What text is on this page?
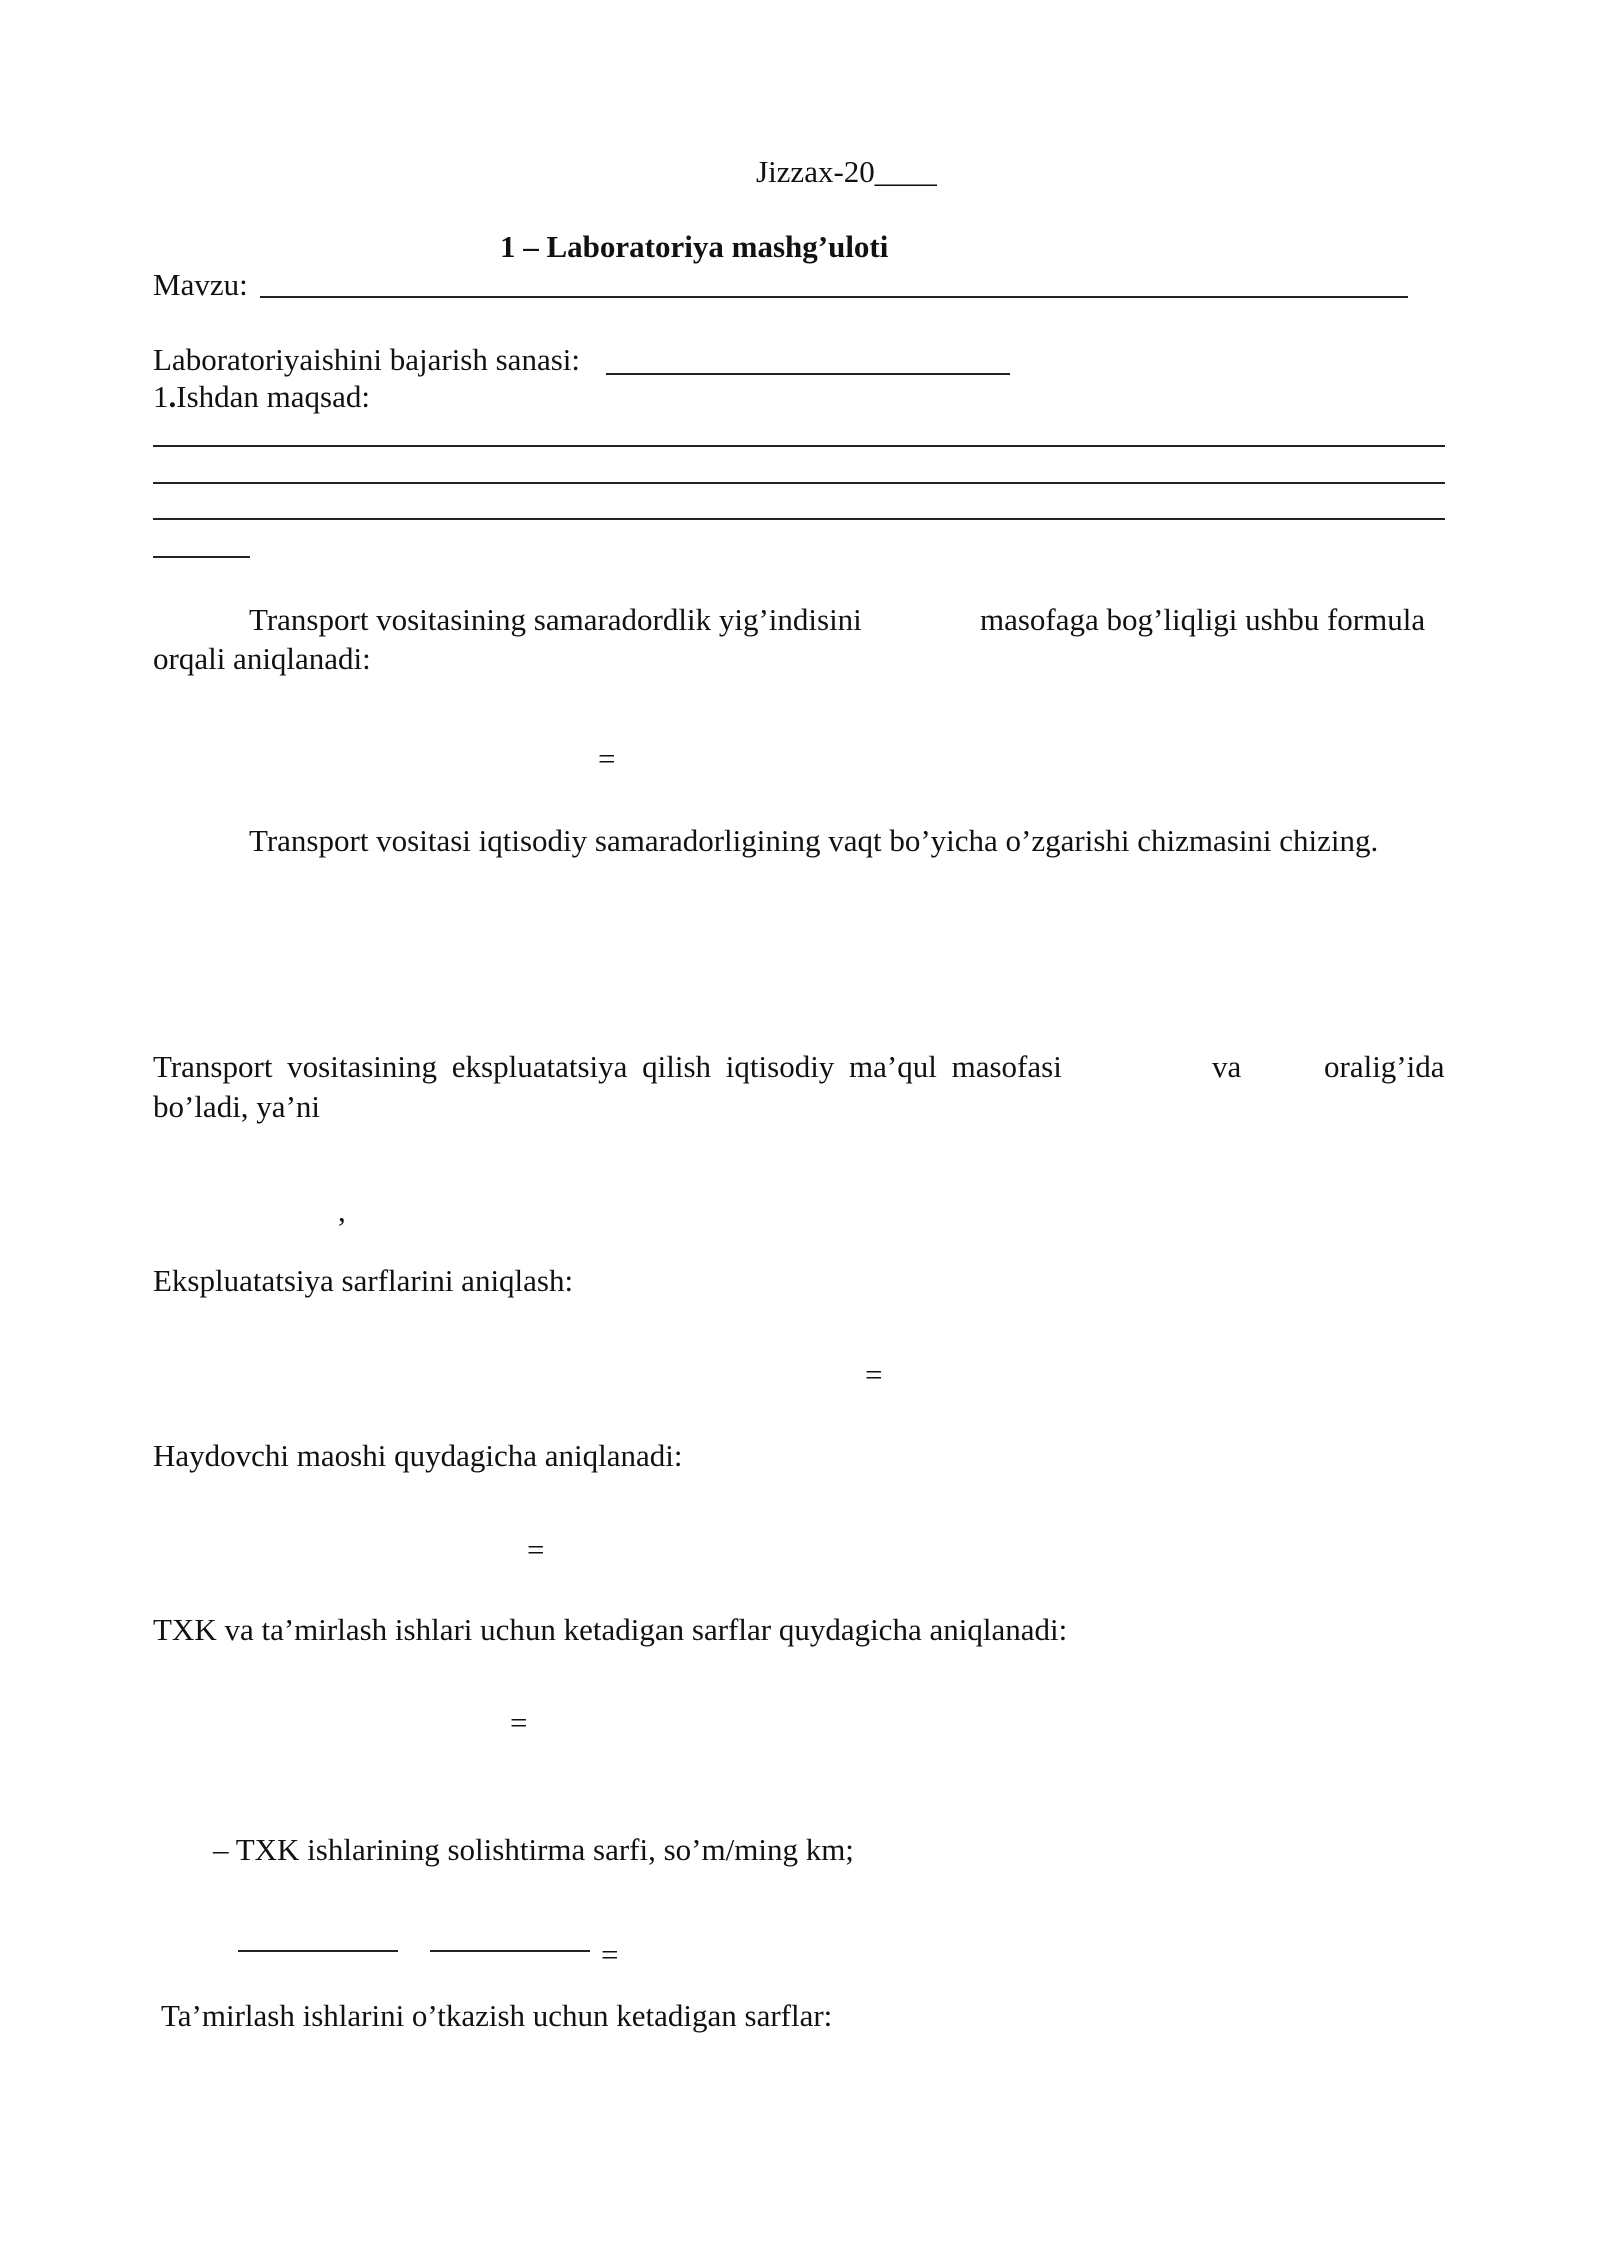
Jizzax-20____
1 – Laboratoriya mashg’uloti
Mavzu:
Laboratoriyaishini bajarish sanasi:
1.Ishdan maqsad:
Transport vositasining samaradordlik yig’indisini	masofaga bog’liqligi ushbu formula
orqali aniqlanadi:
=
Transport vositasi iqtisodiy samaradorligining vaqt bo’yicha o’zgarishi chizmasini chizing.
Transport vositasining ekspluatatsiya qilish iqtisodiy ma’qul masofasi	va	oralig’ida
bo’ladi, ya’ni
,
Ekspluatatsiya sarflarini aniqlash:
=
Haydovchi maoshi quydagicha aniqlanadi:
=
TXK va ta’mirlash ishlari uchun ketadigan sarflar quydagicha aniqlanadi:
=
– TXK ishlarining solishtirma sarfi, so’m/ming km;
=
Ta’mirlash ishlarini o’tkazish uchun ketadigan sarflar:
